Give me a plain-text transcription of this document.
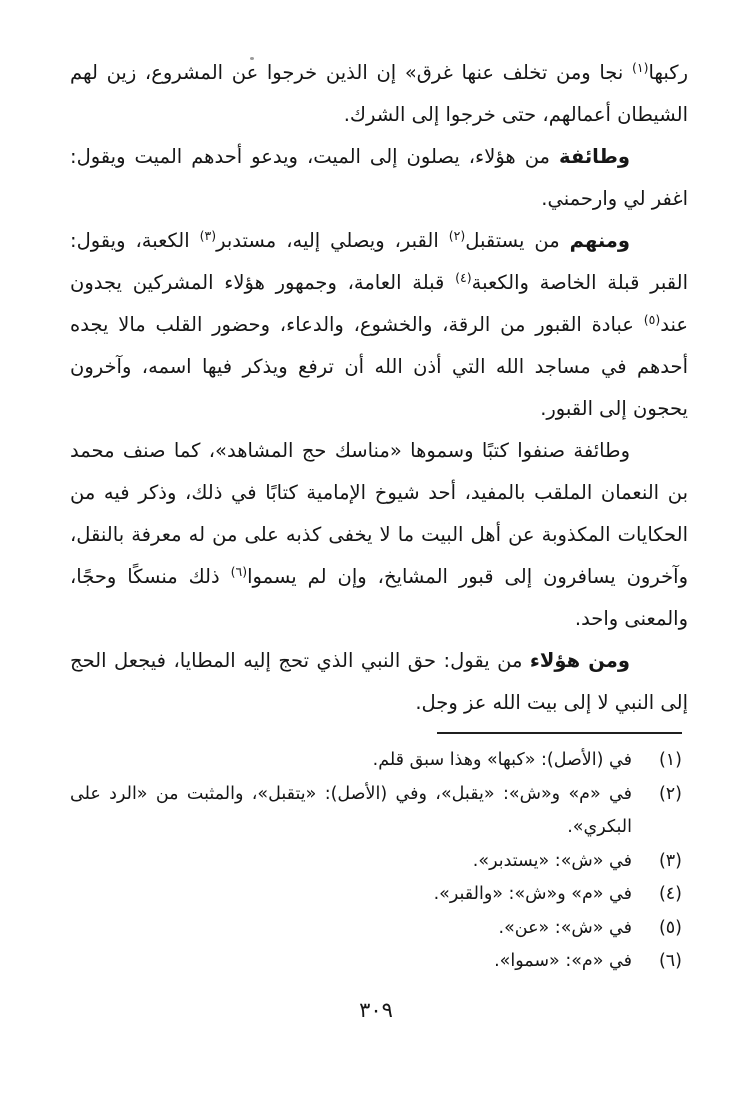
ركبها$^{(١)}$ نجا ومن تخلف عنها غرق» إن الذين خرجوا عن المشروع، زين لهم الشيطان أعمالهم، حتى خرجوا إلى الشرك.

وطائفة من هؤلاء، يصلون إلى الميت، ويدعو أحدهم الميت ويقول: اغفر لي وارحمني.

ومنهم من يستقبل$^{(٢)}$ القبر، ويصلي إليه، مستدبر$^{(٣)}$ الكعبة، ويقول: القبر قبلة الخاصة والكعبة$^{(٤)}$ قبلة العامة، وجمهور هؤلاء المشركين يجدون عند$^{(٥)}$ عبادة القبور من الرقة، والخشوع، والدعاء، وحضور القلب مالا يجده أحدهم في مساجد الله التي أذن الله أن ترفع ويذكر فيها اسمه، وآخرون يحجون إلى القبور.

وطائفة صنفوا كتبًا وسموها «مناسك حج المشاهد»، كما صنف محمد بن النعمان الملقب بالمفيد، أحد شيوخ الإمامية كتابًا في ذلك، وذكر فيه من الحكايات المكذوبة عن أهل البيت ما لا يخفى كذبه على من له معرفة بالنقل، وآخرون يسافرون إلى قبور المشايخ، وإن لم يسموا$^{(٦)}$ ذلك منسكًا وحجًا، والمعنى واحد.

ومن هؤلاء من يقول: حق النبي الذي تحج إليه المطايا، فيجعل الحج إلى النبي لا إلى بيت الله عز وجل.

(١)
في (الأصل): «كبها» وهذا سبق قلم.
(٢)
في «م» و«ش»: «يقبل»، وفي (الأصل): «يتقبل»، والمثبت من «الرد على البكري».
(٣)
في «ش»: «يستدبر».
(٤)
في «م» و«ش»: «والقبر».
(٥)
في «ش»: «عن».
(٦)
في «م»: «سموا».
٣٠٩
